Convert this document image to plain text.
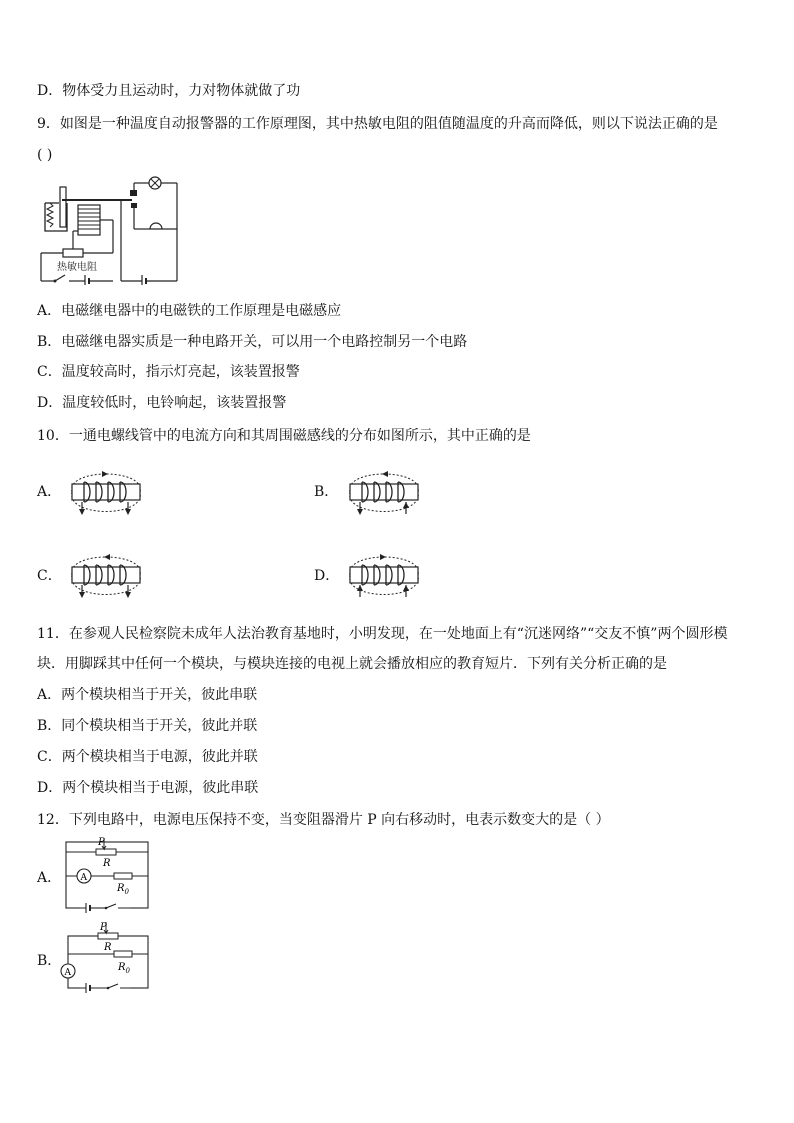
D．物体受力且运动时，力对物体就做了功
9．如图是一种温度自动报警器的工作原理图，其中热敏电阻的阻值随温度的升高而降低，则以下说法正确的是
( )
热敏电阻
A．电磁继电器中的电磁铁的工作原理是电磁感应
B．电磁继电器实质是一种电路开关，可以用一个电路控制另一个电路
C．温度较高时，指示灯亮起，该装置报警
D．温度较低时，电铃响起，该装置报警
10．一通电螺线管中的电流方向和其周围磁感线的分布如图所示，其中正确的是
A．	B．
C．	D．
11．在参观人民检察院未成年人法治教育基地时，小明发现，在一处地面上有“沉迷网络”“交友不慎”两个圆形模
块．用脚踩其中任何一个模块，与模块连接的电视上就会播放相应的教育短片．下列有关分析正确的是
A．两个模块相当于开关，彼此串联
B．同个模块相当于开关，彼此并联
C．两个模块相当于电源，彼此并联
D．两个模块相当于电源，彼此串联
12．下列电路中，电源电压保持不变，当变阻器滑片 P 向右移动时，电表示数变大的是（ ）
A．
P
R
A
$R_0$
B．
P
R
$R_0$
A
